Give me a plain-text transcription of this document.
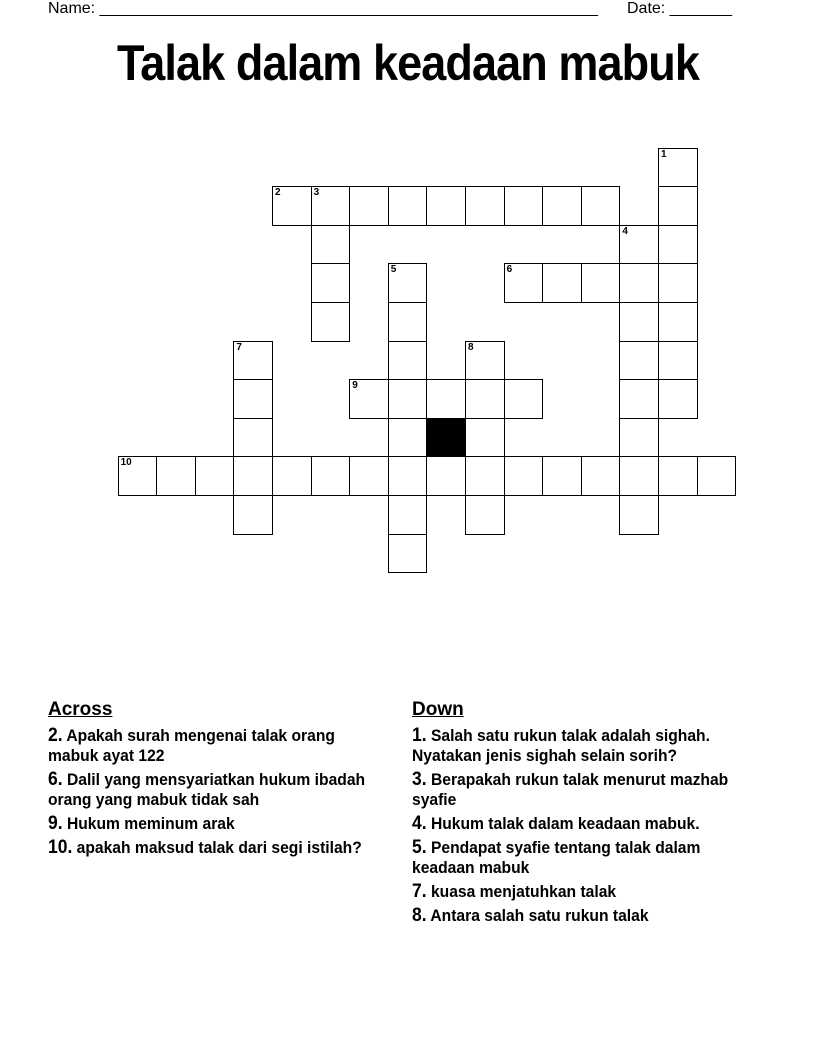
Name: ________________________________________________________ Date: _______
Talak dalam keadaan mabuk
1
2	3
4
5	6
7	8
9
10
Across
2. Apakah surah mengenai talak orang mabuk ayat 122
6. Dalil yang mensyariatkan hukum ibadah orang yang mabuk tidak sah
9. Hukum meminum arak
10. apakah maksud talak dari segi istilah?
Down
1. Salah satu rukun talak adalah sighah. Nyatakan jenis sighah selain sorih?
3. Berapakah rukun talak menurut mazhab syafie
4. Hukum talak dalam keadaan mabuk.
5. Pendapat syafie tentang talak dalam keadaan mabuk
7. kuasa menjatuhkan talak
8. Antara salah satu rukun talak
